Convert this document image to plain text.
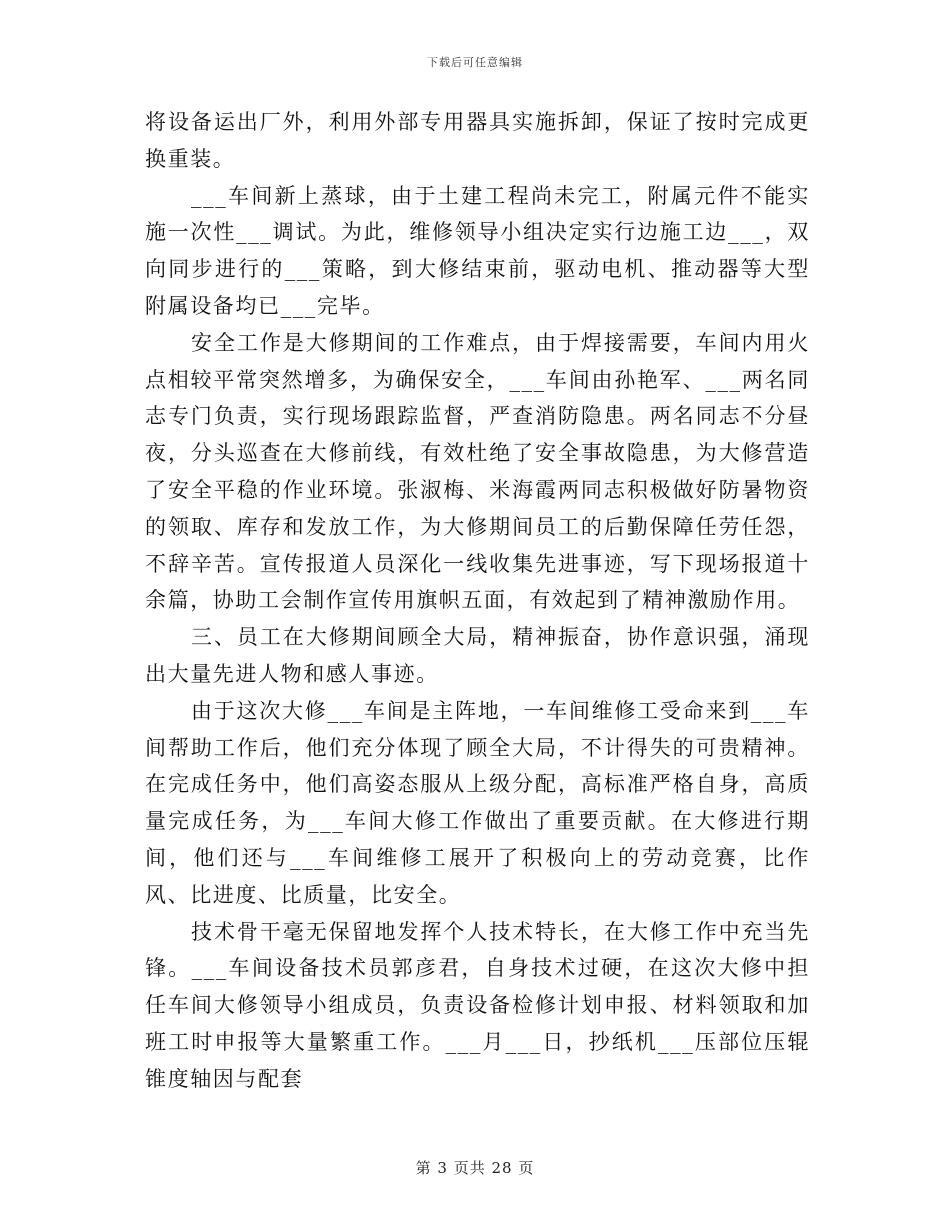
下载后可任意编辑

将设备运出厂外，利用外部专用器具实施拆卸，保证了按时完成更换重装。

___车间新上蒸球，由于土建工程尚未完工，附属元件不能实施一次性___调试。为此，维修领导小组决定实行边施工边___，双向同步进行的___策略，到大修结束前，驱动电机、推动器等大型附属设备均已___完毕。

安全工作是大修期间的工作难点，由于焊接需要，车间内用火点相较平常突然增多，为确保安全，___车间由孙艳军、___两名同志专门负责，实行现场跟踪监督，严查消防隐患。两名同志不分昼夜，分头巡查在大修前线，有效杜绝了安全事故隐患，为大修营造了安全平稳的作业环境。张淑梅、米海霞两同志积极做好防暑物资的领取、库存和发放工作，为大修期间员工的后勤保障任劳任怨，不辞辛苦。宣传报道人员深化一线收集先进事迹，写下现场报道十余篇，协助工会制作宣传用旗帜五面，有效起到了精神激励作用。

三、员工在大修期间顾全大局，精神振奋，协作意识强，涌现出大量先进人物和感人事迹。

由于这次大修___车间是主阵地，一车间维修工受命来到___车间帮助工作后，他们充分体现了顾全大局，不计得失的可贵精神。在完成任务中，他们高姿态服从上级分配，高标准严格自身，高质量完成任务，为___车间大修工作做出了重要贡献。在大修进行期间，他们还与___车间维修工展开了积极向上的劳动竞赛，比作风、比进度、比质量，比安全。

技术骨干毫无保留地发挥个人技术特长，在大修工作中充当先锋。___车间设备技术员郭彦君，自身技术过硬，在这次大修中担任车间大修领导小组成员，负责设备检修计划申报、材料领取和加班工时申报等大量繁重工作。___月___日，抄纸机___压部位压辊锥度轴因与配套

第 3 页共 28 页
